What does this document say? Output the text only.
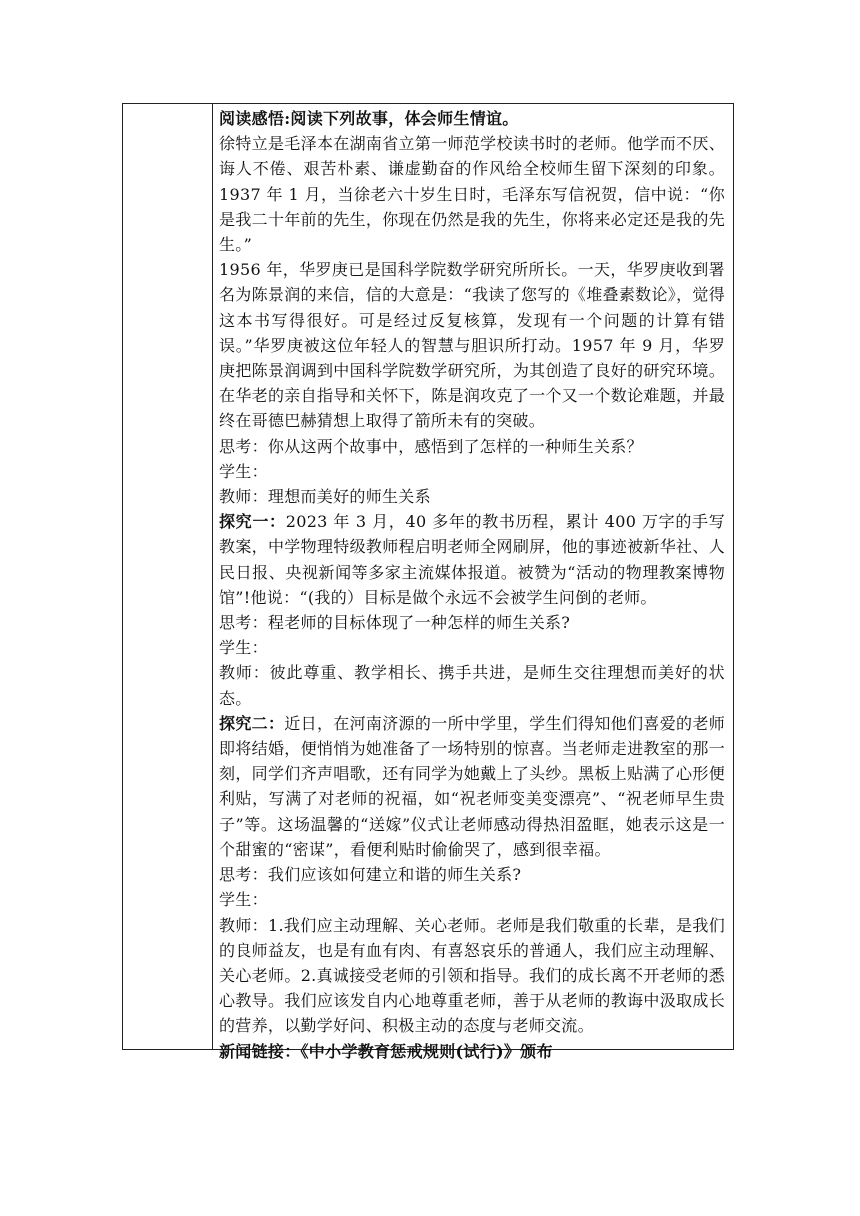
阅读感悟:阅读下列故事，体会师生情谊。

徐特立是毛泽本在湖南省立第一师范学校读书时的老师。他学而不厌、诲人不倦、艰苦朴素、谦虚勤奋的作风给全校师生留下深刻的印象。1937 年 1 月，当徐老六十岁生日时，毛泽东写信祝贺，信中说：“你是我二十年前的先生，你现在仍然是我的先生，你将来必定还是我的先生。”

1956 年，华罗庚已是国科学院数学研究所所长。一天，华罗庚收到署名为陈景润的来信，信的大意是：“我读了您写的《堆叠素数论》，觉得这本书写得很好。可是经过反复核算，发现有一个问题的计算有错误。”华罗庚被这位年轻人的智慧与胆识所打动。1957 年 9 月，华罗庚把陈景润调到中国科学院数学研究所，为其创造了良好的研究环境。在华老的亲自指导和关怀下，陈是润攻克了一个又一个数论难题，并最终在哥德巴赫猜想上取得了箭所未有的突破。

思考：你从这两个故事中，感悟到了怎样的一种师生关系？

学生：

教师：理想而美好的师生关系

探究一：2023 年 3 月，40 多年的教书历程，累计 400 万字的手写教案，中学物理特级教师程启明老师全网刷屏，他的事迹被新华社、人民日报、央视新闻等多家主流媒体报道。被赞为“活动的物理教案博物馆”!他说：“(我的）目标是做个永远不会被学生问倒的老师。

思考：程老师的目标体现了一种怎样的师生关系?

学生：

教师：彼此尊重、教学相长、携手共进，是师生交往理想而美好的状态。

探究二：近日，在河南济源的一所中学里，学生们得知他们喜爱的老师即将结婚，便悄悄为她准备了一场特别的惊喜。当老师走进教室的那一刻，同学们齐声唱歌，还有同学为她戴上了头纱。黑板上贴满了心形便利贴，写满了对老师的祝福，如“祝老师变美变漂亮”、“祝老师早生贵子”等。这场温馨的“送嫁”仪式让老师感动得热泪盈眶，她表示这是一个甜蜜的“密谋”，看便利贴时偷偷哭了，感到很幸福。

思考：我们应该如何建立和谐的师生关系?

学生：

教师：1.我们应主动理解、关心老师。老师是我们敬重的长辈，是我们的良师益友，也是有血有肉、有喜怒哀乐的普通人，我们应主动理解、关心老师。2.真诚接受老师的引领和指导。我们的成长离不开老师的悉心教导。我们应该发自内心地尊重老师，善于从老师的教诲中汲取成长的营养，以勤学好问、积极主动的态度与老师交流。

新闻链接：《中小学教育惩戒规则(试行)》颁布
